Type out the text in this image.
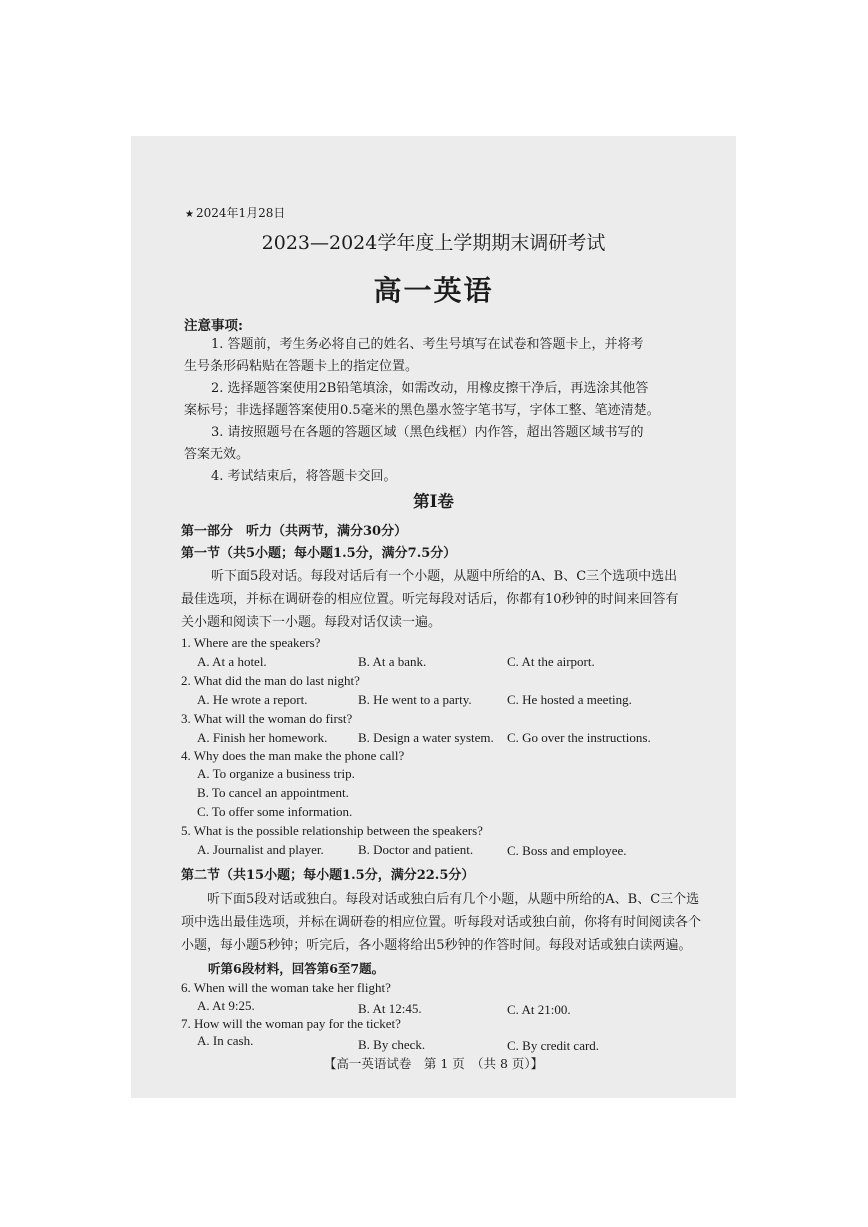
★ 2024年1月28日
2023—2024学年度上学期期末调研考试
高一英语
注意事项:
1. 答题前，考生务必将自己的姓名、考生号填写在试卷和答题卡上，并将考
生号条形码粘贴在答题卡上的指定位置。
2. 选择题答案使用2B铅笔填涂，如需改动，用橡皮擦干净后，再选涂其他答
案标号；非选择题答案使用0.5毫米的黑色墨水签字笔书写，字体工整、笔迹清楚。
3. 请按照题号在各题的答题区域（黑色线框）内作答，超出答题区域书写的
答案无效。
4. 考试结束后，将答题卡交回。
第Ⅰ卷
第一部分　听力（共两节，满分30分）
第一节（共5小题；每小题1.5分，满分7.5分）
听下面5段对话。每段对话后有一个小题，从题中所给的A、B、C三个选项中选出
最佳选项，并标在调研卷的相应位置。听完每段对话后，你都有10秒钟的时间来回答有
关小题和阅读下一小题。每段对话仅读一遍。
1. Where are the speakers?
A. At a hotel.	B. At a bank.	C. At the airport.
2. What did the man do last night?
A. He wrote a report.	B. He went to a party.	C. He hosted a meeting.
3. What will the woman do first?
A. Finish her homework. B. Design a water system. C. Go over the instructions.
4. Why does the man make the phone call?
A. To organize a business trip.
B. To cancel an appointment.
C. To offer some information.
5. What is the possible relationship between the speakers?
A. Journalist and player.	B. Doctor and patient.	C. Boss and employee.
第二节（共15小题；每小题1.5分，满分22.5分）
听下面5段对话或独白。每段对话或独白后有几个小题，从题中所给的A、B、C三个选
项中选出最佳选项，并标在调研卷的相应位置。听每段对话或独白前，你将有时间阅读各个
小题，每小题5秒钟；听完后，各小题将给出5秒钟的作答时间。每段对话或独白读两遍。
听第6段材料，回答第6至7题。
6. When will the woman take her flight?
A. At 9:25.	B. At 12:45.	C. At 21:00.
7. How will the woman pay for the ticket?
A. In cash.	B. By check.	C. By credit card.
【高一英语试卷　第 1 页　（共 8 页）】
